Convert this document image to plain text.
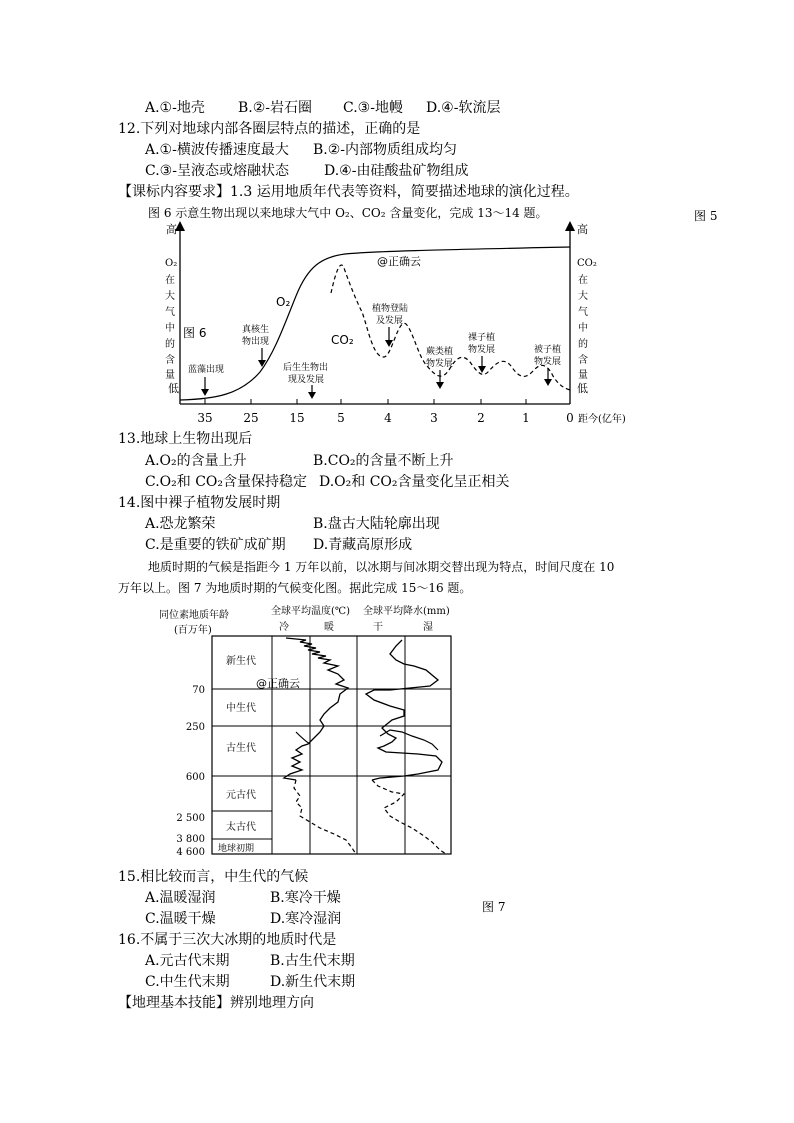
A.①-地壳 B.②-岩石圈 C.③-地幔 D.④-软流层
12.下列对地球内部各圈层特点的描述，正确的是
A.①-横波传播速度最大 B.②-内部物质组成均匀
C.③-呈液态或熔融状态	D.④-由硅酸盐矿物组成
【课标内容要求】1.3 运用地质年代表等资料，简要描述地球的演化过程。
图 6 示意生物出现以来地球大气中 O₂、CO₂ 含量变化，完成 13～14 题。	图 5
高
低
O₂
在
大
气
中
的
含
量
高
低
CO₂
在
大
气
中
的
含
量
35	25	15	5	4	3	2	1	0 距今(亿年)
O₂
CO₂
图 6
@正确云
蓝藻出现
真核生
物出现
后生生物出
现及发展
植物登陆
及发展
蕨类植
物发展
裸子植
物发展	被子植
物发展
13.地球上生物出现后
A.O₂的含量上升	B.CO₂的含量不断上升
C.O₂和 CO₂含量保持稳定 D.O₂和 CO₂含量变化呈正相关
14.图中裸子植物发展时期
A.恐龙繁荣	B.盘古大陆轮廓出现
C.是重要的铁矿成矿期 D.青藏高原形成
地质时期的气候是指距今 1 万年以前，以冰期与间冰期交替出现为特点，时间尺度在 10
万年以上。图 7 为地质时期的气候变化图。据此完成 15～16 题。
同位素地质年龄
(百万年)
全球平均温度(℃)
冷	暖
全球平均降水(mm)
干	湿
新生代
中生代
古生代
元古代
太古代
地球初期
70
250
600
2 500
3 800
4 600
@正确云
15.相比较而言，中生代的气候
A.温暖湿润	B.寒冷干燥
C.温暖干燥	D.寒冷湿润
图 7
16.不属于三次大冰期的地质时代是
A.元古代末期	B.古生代末期
C.中生代末期	D.新生代末期
【地理基本技能】辨别地理方向
